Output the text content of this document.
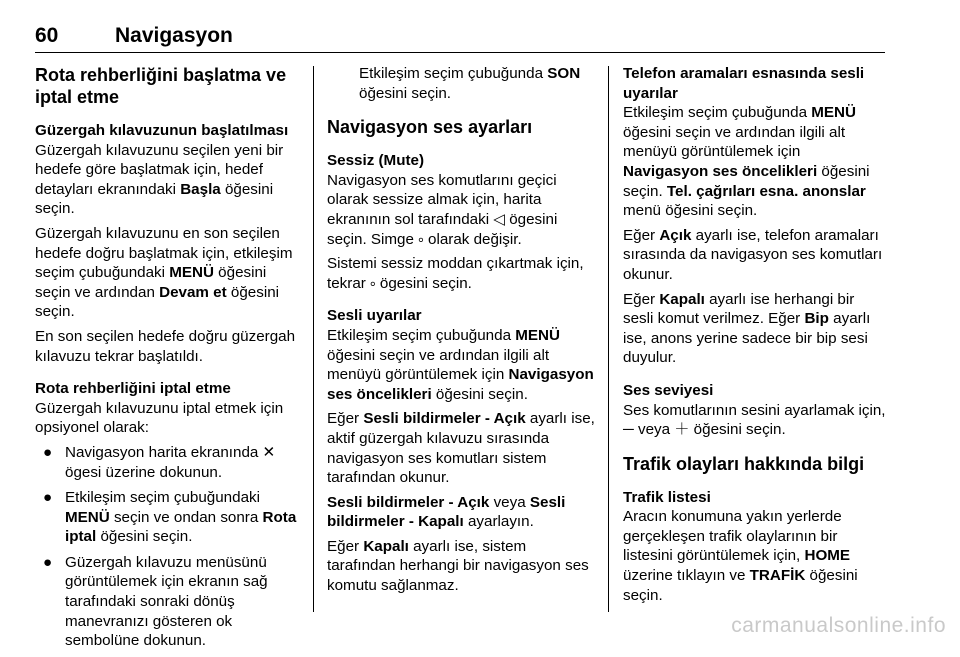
60	Navigasyon
Rota rehberliğini başlatma ve iptal etme
Güzergah kılavuzunun başlatılması

Güzergah kılavuzunu seçilen yeni bir hedefe göre başlatmak için, hedef detayları ekranındaki Başla öğesini seçin.

Güzergah kılavuzunu en son seçilen hedefe doğru başlatmak için, etkileşim seçim çubuğundaki MENÜ öğesini seçin ve ardından Devam et öğesini seçin.

En son seçilen hedefe doğru güzergah kılavuzu tekrar başlatıldı.

Rota rehberliğini iptal etme

Güzergah kılavuzunu iptal etmek için opsiyonel olarak:

● Navigasyon harita ekranında ✕ ögesi üzerine dokunun.
● Etkileşim seçim çubuğundaki MENÜ seçin ve ondan sonra Rota iptal öğesini seçin.
● Güzergah kılavuzu menüsünü görüntülemek için ekranın sağ tarafındaki sonraki dönüş manevranızı gösteren ok sembolüne dokunun.

Etkileşim seçim çubuğunda SON öğesini seçin.

Navigasyon ses ayarları
Sessiz (Mute)

Navigasyon ses komutlarını geçici olarak sessize almak için, harita ekranının sol tarafındaki ◁ ögesini seçin. Simge ༚ olarak değişir.

Sistemi sessiz moddan çıkartmak için, tekrar ༚ ögesini seçin.

Sesli uyarılar

Etkileşim seçim çubuğunda MENÜ öğesini seçin ve ardından ilgili alt menüyü görüntülemek için Navigasyon ses öncelikleri öğesini seçin.

Eğer Sesli bildirmeler - Açık ayarlı ise, aktif güzergah kılavuzu sırasında navigasyon ses komutları sistem tarafından okunur.

Sesli bildirmeler - Açık veya Sesli bildirmeler - Kapalı ayarlayın.

Eğer Kapalı ayarlı ise, sistem tarafından herhangi bir navigasyon ses komutu sağlanmaz.

Telefon aramaları esnasında sesli uyarılar

Etkileşim seçim çubuğunda MENÜ öğesini seçin ve ardından ilgili alt menüyü görüntülemek için Navigasyon ses öncelikleri öğesini seçin. Tel. çağrıları esna. anonslar menü öğesini seçin.

Eğer Açık ayarlı ise, telefon aramaları sırasında da navigasyon ses komutları okunur.

Eğer Kapalı ayarlı ise herhangi bir sesli komut verilmez. Eğer Bip ayarlı ise, anons yerine sadece bir bip sesi duyulur.

Ses seviyesi

Ses komutlarının sesini ayarlamak için, ─ veya ＋ öğesini seçin.

Trafik olayları hakkında bilgi
Trafik listesi

Aracın konumuna yakın yerlerde gerçekleşen trafik olaylarının bir listesini görüntülemek için, HOME üzerine tıklayın ve TRAFİK öğesini seçin.

carmanualsonline.info
